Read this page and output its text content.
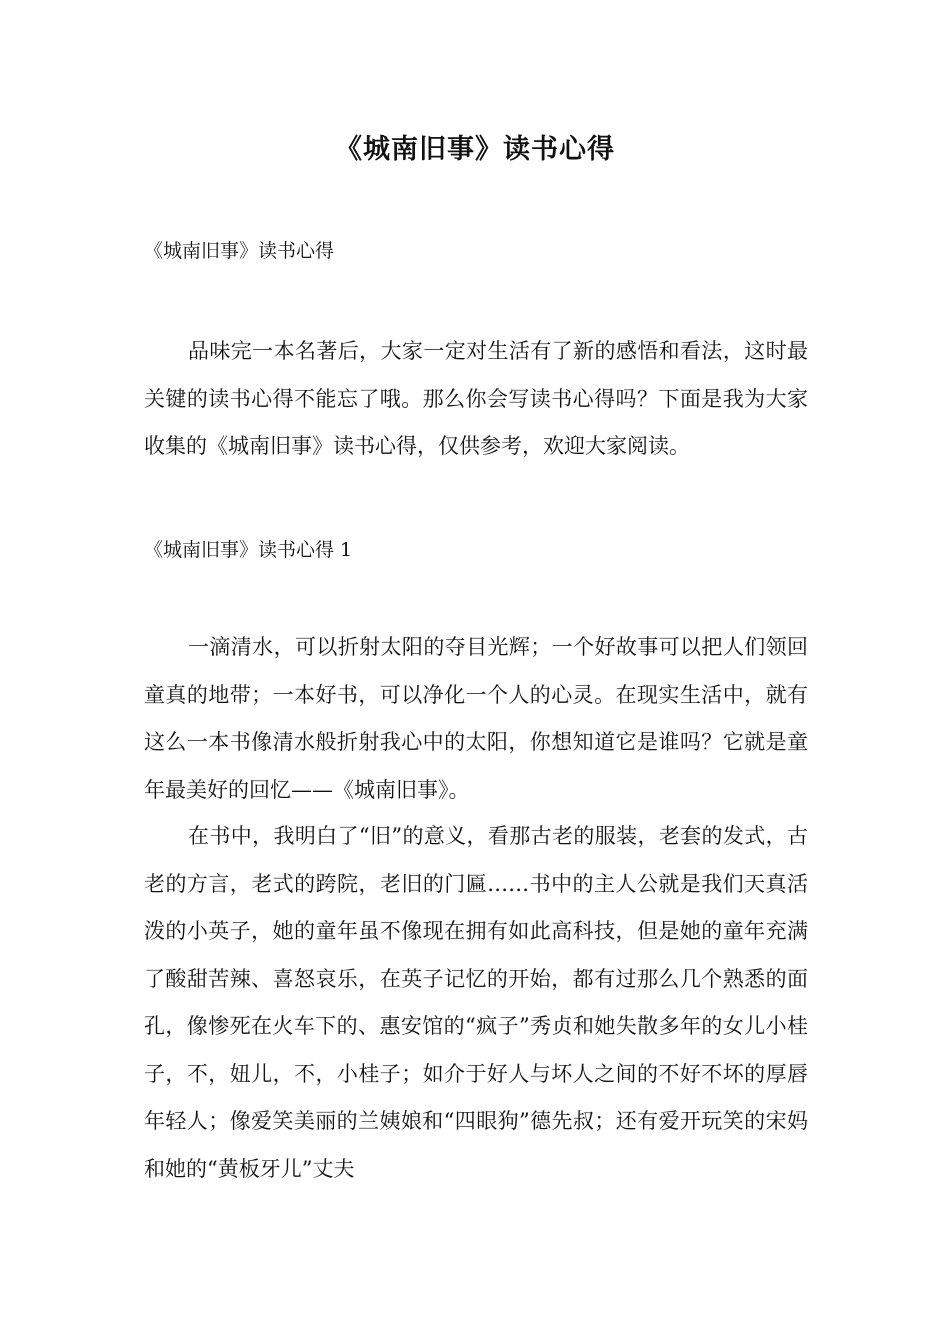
《城南旧事》读书心得
《城南旧事》读书心得

品味完一本名著后，大家一定对生活有了新的感悟和看法，这时最关键的读书心得不能忘了哦。那么你会写读书心得吗？下面是我为大家收集的《城南旧事》读书心得，仅供参考，欢迎大家阅读。

《城南旧事》读书心得 1

一滴清水，可以折射太阳的夺目光辉；一个好故事可以把人们领回童真的地带；一本好书，可以净化一个人的心灵。在现实生活中，就有这么一本书像清水般折射我心中的太阳，你想知道它是谁吗？它就是童年最美好的回忆——《城南旧事》。

在书中，我明白了“旧”的意义，看那古老的服装，老套的发式，古老的方言，老式的跨院，老旧的门匾……书中的主人公就是我们天真活泼的小英子，她的童年虽不像现在拥有如此高科技，但是她的童年充满了酸甜苦辣、喜怒哀乐，在英子记忆的开始，都有过那么几个熟悉的面孔，像惨死在火车下的、惠安馆的“疯子”秀贞和她失散多年的女儿小桂子，不，妞儿，不，小桂子；如介于好人与坏人之间的不好不坏的厚唇年轻人；像爱笑美丽的兰姨娘和“四眼狗”德先叔；还有爱开玩笑的宋妈和她的“黄板牙儿”丈夫
